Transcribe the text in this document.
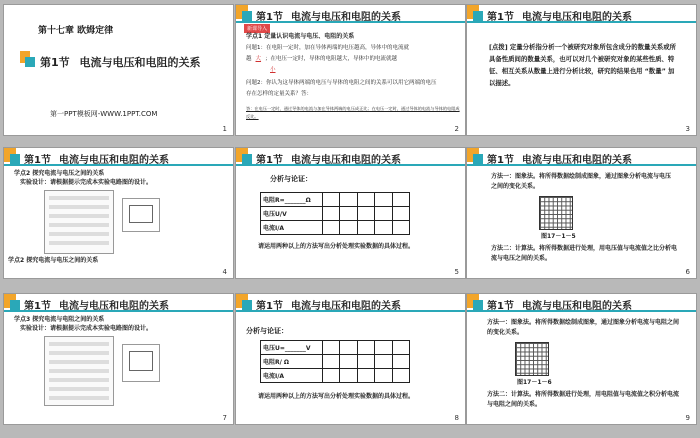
第十七章 欧姆定律
第1节 电流与电压和电阻的关系
第一PPT模板网-WWW.1PPT.COM
1
第1节 电流与电压和电阻的关系
新课导入
学点1 定量认识电流与电压、电阻的关系
问题1：在电阻一定时，加在导体两端的电压越高，导体中的电流就
越 大 ；在电压一定时，导体的电阻越大，导体中的电流就越
小
问题2：你认为这导体两端的电压与导体的电阻之间的关系可以用它两端的电压
存在怎样的定量关系？答：
答：在电压一定时，通过导体的电流与加在导体两端的电压成正比；在电压一定时，通过导体的电流与导体的电阻成反比。
2
第1节 电流与电压和电阻的关系
[点拨] 定量分析指分析一个被研究对象所包含成分的数量关系或所具备性质间的数量关系，也可以对几个被研究对象的某些性质、特征、相互关系从数量上进行分析比较，研究的结果也用 “数量” 加以描述。
3
第1节 电流与电压和电阻的关系
学点2 探究电流与电压之间的关系
实验设计：请根据提示完成本实验电路图的设计。
学点2 探究电流与电压之间的关系
4
第1节 电流与电压和电阻的关系
分析与论证：
电阻R=_______Ω					
电压U/V					
电流I/A					
请运用两种以上的方法写出分析处理实验数据的具体过程。
5
第1节 电流与电压和电阻的关系
方法一：图象法。将所得数据绘制成图象，通过图象分析电流与电压之间的变化关系。
图17－1－5
方法二：计算法。将所得数据进行处理，用电压值与电流值之比分析电流与电压之间的关系。
6
第1节 电流与电压和电阻的关系
学点3 探究电流与电阻之间的关系
实验设计：请根据提示完成本实验电路图的设计。
7
第1节 电流与电压和电阻的关系
分析与论证：
电压U=_______V					
电阻R/ Ω					
电流I/A					
请运用两种以上的方法写出分析处理实验数据的具体过程。
8
第1节 电流与电压和电阻的关系
方法一：图象法。将所得数据绘制成图象，通过图象分析电流与电阻之间的变化关系。
图17－1－6
方法二：计算法。将所得数据进行处理，用电阻值与电流值之积分析电流与电阻之间的关系。
9
